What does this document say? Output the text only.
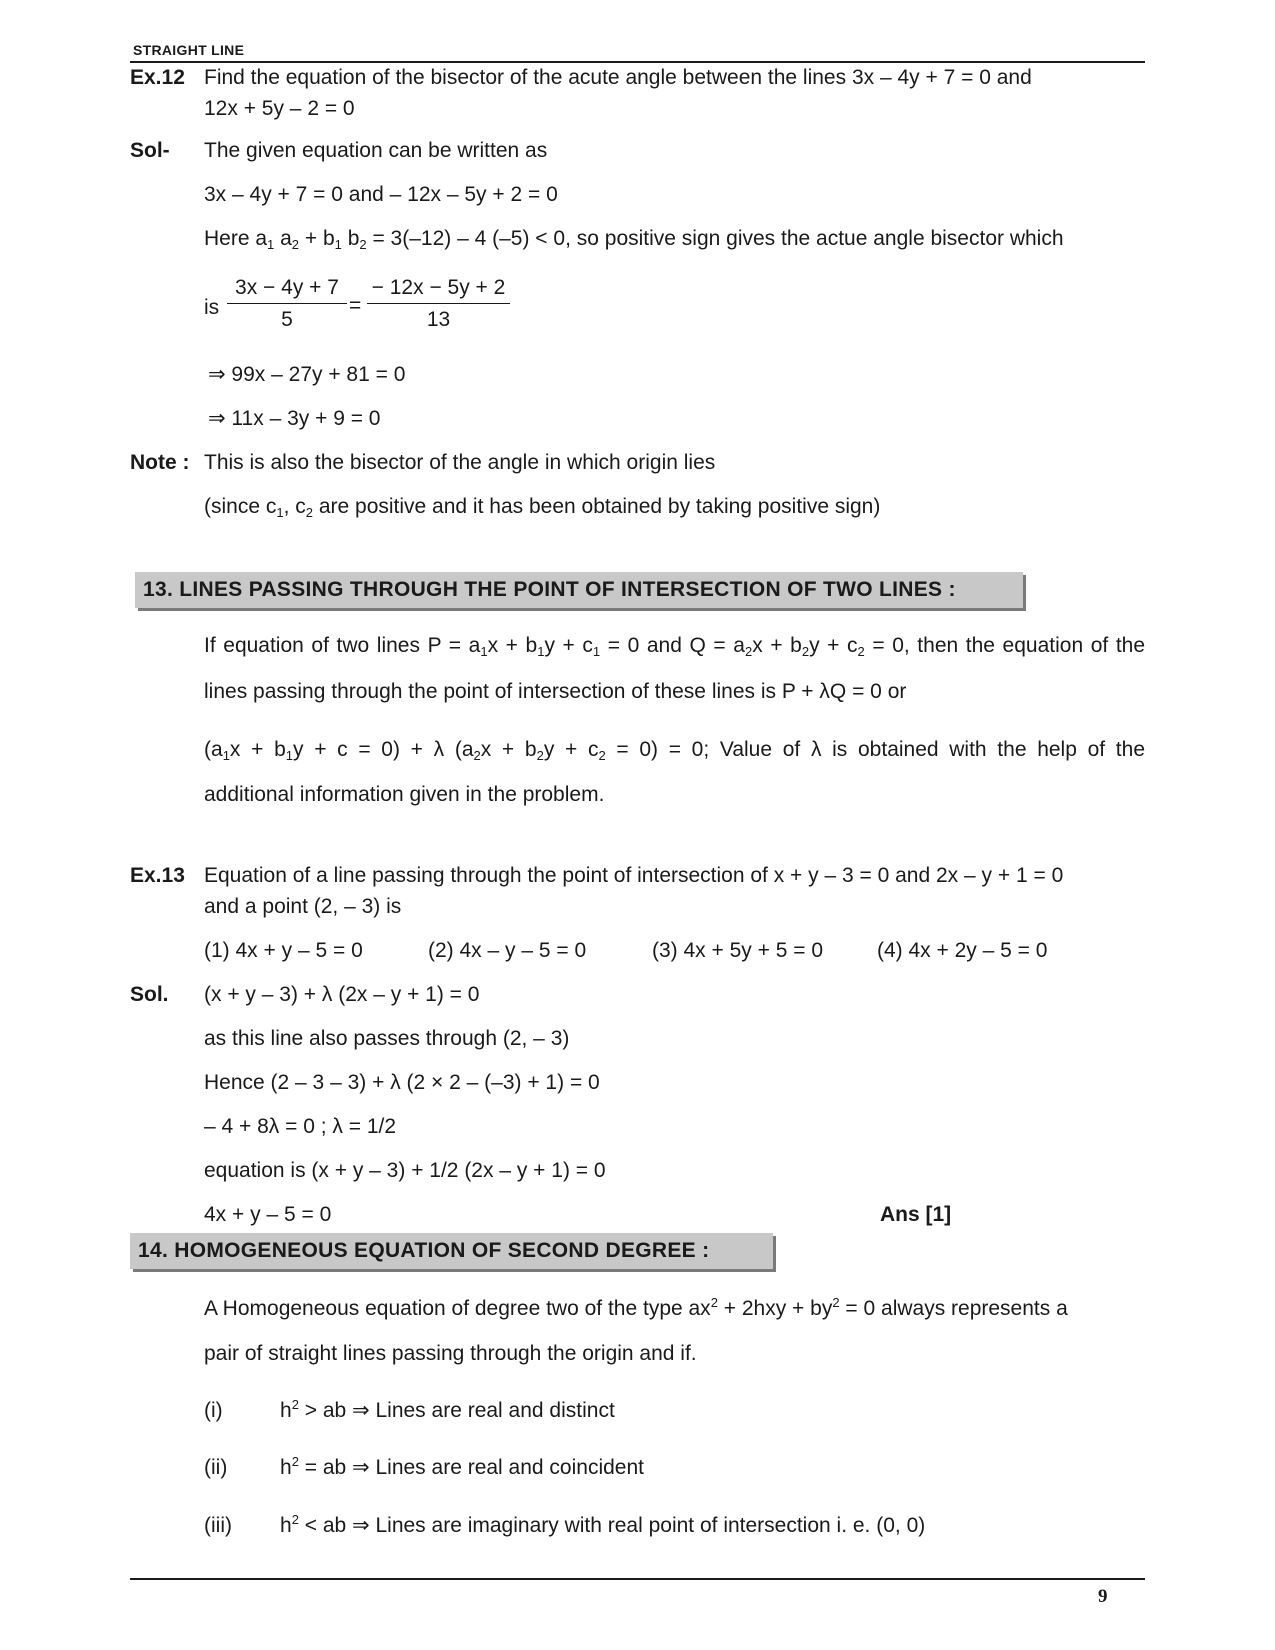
STRAIGHT LINE
Ex.12 Find the equation of the bisector of the acute angle between the lines 3x – 4y + 7 = 0 and
12x + 5y – 2 = 0
Sol- The given equation can be written as
3x – 4y + 7 = 0 and – 12x – 5y + 2 = 0
Here $a_1$ $a_2 + b_1$ $b_2 = 3(-12) - 4$ (–5) < 0, so positive sign gives the actue angle bisector which
is $\frac{3x - 4y + 7}{5} = \frac{- 12x - 5y + 2}{13}$
⇒ 99x – 27y + 81 = 0
⇒ 11x – 3y + 9 = 0
Note : This is also the bisector of the angle in which origin lies
(since $c_1$, $c_2$ are positive and it has been obtained by taking positive sign)
13. LINES PASSING THROUGH THE POINT OF INTERSECTION OF TWO LINES :
If equation of two lines $P = a_1x + b_1y + c_1 = 0$ and $Q = a_2x + b_2y + c_2 = 0$, then the equation of the
lines passing through the point of intersection of these lines is P + λQ = 0 or
$(a_1x + b_1y + c = 0) + \lambda$ $(a_2x + b_2y + c_2 = 0) = 0$; Value of λ is obtained with the help of the
additional information given in the problem.
Ex.13 Equation of a line passing through the point of intersection of x + y – 3 = 0 and 2x – y + 1 = 0
and a point (2, – 3) is
(1) 4x + y – 5 = 0	(2) 4x – y – 5 = 0	(3) 4x + 5y + 5 = 0	(4) 4x + 2y – 5 = 0
Sol. (x + y – 3) + λ (2x – y + 1) = 0
as this line also passes through (2, – 3)
Hence (2 – 3 – 3) + λ (2 × 2 – (–3) + 1) = 0
– 4 + 8λ = 0 ; λ = 1/2
equation is (x + y – 3) + 1/2 (2x – y + 1) = 0
4x + y – 5 = 0	Ans [1]
14. HOMOGENEOUS EQUATION OF SECOND DEGREE :
A Homogeneous equation of degree two of the type $ax^2 + 2hxy + by^2 = 0$ always represents a
pair of straight lines passing through the origin and if.
(i)	$h^2$ > ab ⇒ Lines are real and distinct
(ii)	$h^2$ = ab ⇒ Lines are real and coincident
(iii) $h^2$ < ab ⇒ Lines are imaginary with real point of intersection i. e. (0, 0)
9
